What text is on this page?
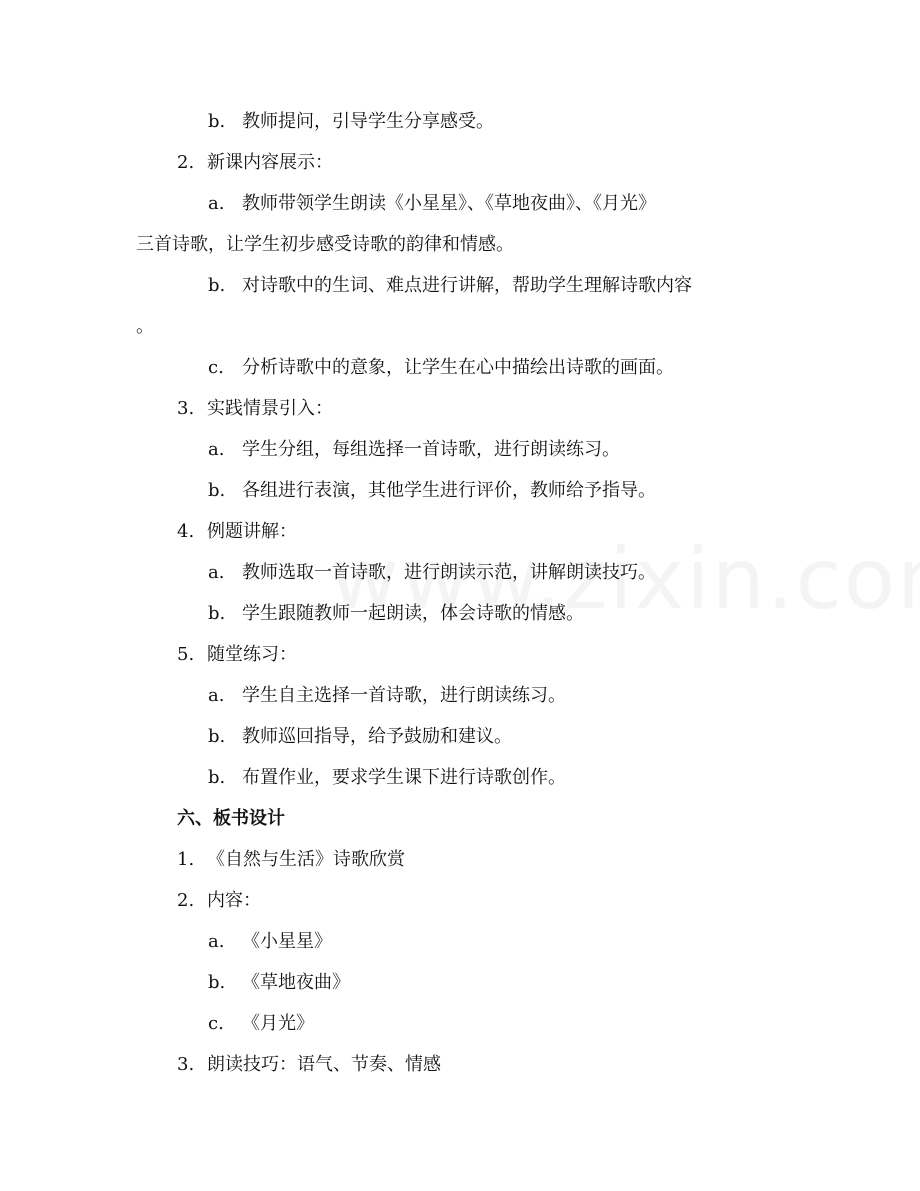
b. 教师提问，引导学生分享感受。
2. 新课内容展示：
a. 教师带领学生朗读《小星星》、《草地夜曲》、《月光》
三首诗歌，让学生初步感受诗歌的韵律和情感。
b. 对诗歌中的生词、难点进行讲解，帮助学生理解诗歌内容
。
c. 分析诗歌中的意象，让学生在心中描绘出诗歌的画面。
3. 实践情景引入：
a. 学生分组，每组选择一首诗歌，进行朗读练习。
b. 各组进行表演，其他学生进行评价，教师给予指导。
4. 例题讲解：
a. 教师选取一首诗歌，进行朗读示范，讲解朗读技巧。
b. 学生跟随教师一起朗读，体会诗歌的情感。
5. 随堂练习：
a. 学生自主选择一首诗歌，进行朗读练习。
b. 教师巡回指导，给予鼓励和建议。
b. 布置作业，要求学生课下进行诗歌创作。
六、板书设计
1. 《自然与生活》诗歌欣赏
2. 内容：
a. 《小星星》
b. 《草地夜曲》
c. 《月光》
3. 朗读技巧：语气、节奏、情感
